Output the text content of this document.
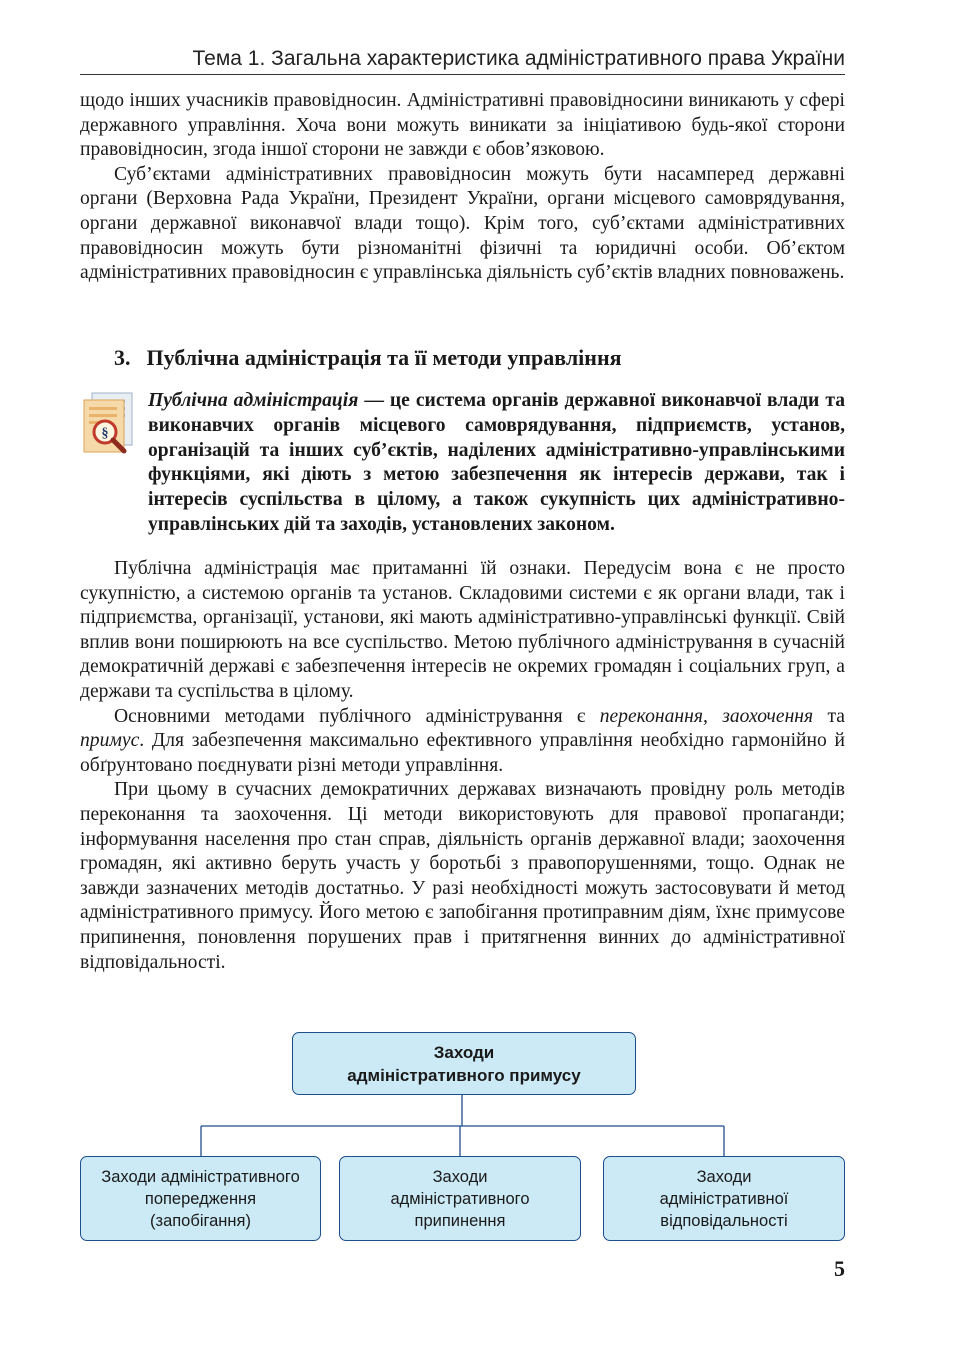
Тема 1. Загальна характеристика адміністративного права України

щодо інших учасників правовідносин. Адміністративні правовідносини виникають у сфері державного управління. Хоча вони можуть виникати за ініціативою будь-якої сторони правовідносин, згода іншої сторони не завжди є обов’язковою.

Суб’єктами адміністративних правовідносин можуть бути насамперед державні органи (Верховна Рада України, Президент України, органи місцевого самоврядування, органи державної виконавчої влади тощо). Крім того, суб’єктами адміністративних правовідносин можуть бути різноманітні фізичні та юридичні особи. Об’єктом адміністративних правовідносин є управлінська діяльність суб’єктів владних повноважень.

3. Публічна адміністрація та її методи управління
§
Публічна адміністрація — це система органів державної виконавчої влади та виконавчих органів місцевого самоврядування, підприємств, установ, організацій та інших суб’єктів, наділених адміністративно-управлінськими функціями, які діють з метою забезпечення як інтересів держави, так і інтересів суспільства в цілому, а також сукупність цих адміністративно-управлінських дій та заходів, установлених законом.

Публічна адміністрація має притаманні їй ознаки. Передусім вона є не просто сукупністю, а системою органів та установ. Складовими системи є як органи влади, так і підприємства, організації, установи, які мають адміністративно-управлінські функції. Свій вплив вони поширюють на все суспільство. Метою публічного адміністрування в сучасній демократичній державі є забезпечення інтересів не окремих громадян і соціальних груп, а держави та суспільства в цілому.

Основними методами публічного адміністрування є переконання, заохочення та примус. Для забезпечення максимально ефективного управління необхідно гармонійно й обґрунтовано поєднувати різні методи управління.

При цьому в сучасних демократичних державах визначають провідну роль методів переконання та заохочення. Ці методи використовують для правової пропаганди; інформування населення про стан справ, діяльність органів державної влади; заохочення громадян, які активно беруть участь у боротьбі з правопорушеннями, тощо. Однак не завжди зазначених методів достатньо. У разі необхідності можуть застосовувати й метод адміністративного примусу. Його метою є запобігання протиправним діям, їхнє примусове припинення, поновлення порушених прав і притягнення винних до адміністративної відповідальності.

Заходи
адміністративного примусу
Заходи адміністративного
попередження
(запобігання)
Заходи
адміністративного
припинення
Заходи
адміністративної
відповідальності
5
